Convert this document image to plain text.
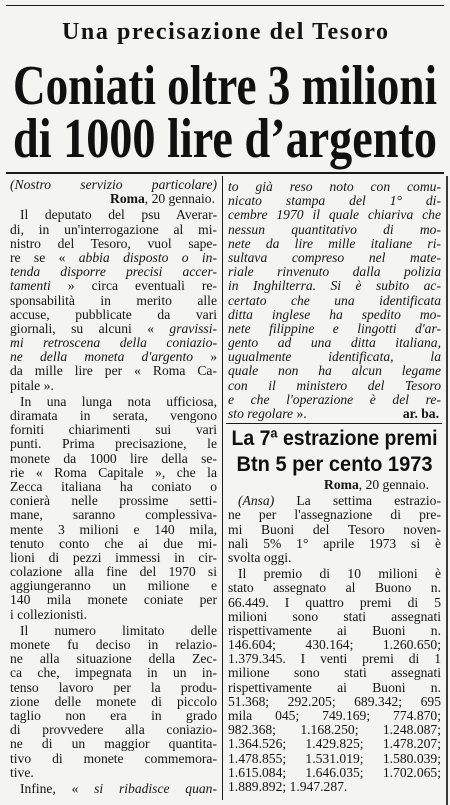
Una precisazione del Tesoro
Coniati oltre 3 milioni
di 1000 lire d’argento
(Nostro servizio particolare)
Roma, 20 gennaio.
Il deputato del psu Averar-
di, in un'interrogazione al mi-
nistro del Tesoro, vuol sape-
re se « abbia disposto o in-
tenda disporre precisi accer-
tamenti » circa eventuali re-
sponsabilità in merito alle
accuse, pubblicate da vari
giornali, su alcuni « gravissi-
mi retroscena della coniazio-
ne della moneta d'argento »
da mille lire per « Roma Ca-
pitale ».
In una lunga nota ufficiosa,
diramata in serata, vengono
forniti chiarimenti sui vari
punti. Prima precisazione, le
monete da 1000 lire della se-
rie « Roma Capitale », che la
Zecca italiana ha coniato o
conierà nelle prossime setti-
mane, saranno complessiva-
mente 3 milioni e 140 mila,
tenuto conto che ai due mi-
lioni di pezzi immessi in cir-
colazione alla fine del 1970 si
aggiungeranno un milione e
140 mila monete coniate per
i collezionisti.
Il numero limitato delle
monete fu deciso in relazio-
ne alla situazione della Zec-
ca che, impegnata in un in-
tenso lavoro per la produ-
zione delle monete di piccolo
taglio non era in grado
di provvedere alla coniazio-
ne di un maggior quantita-
tivo di monete commemora-
tive.
Infine, « si ribadisce quan-
to già reso noto con comu-
nicato stampa del 1° di-
cembre 1970 il quale chiariva che
nessun quantitativo di mo-
nete da lire mille italiane ri-
sultava compreso nel mate-
riale rinvenuto dalla polizia
in Inghilterra. Si è subito ac-
certato che una identificata
ditta inglese ha spedito mo-
nete filippine e lingotti d'ar-
gento ad una ditta italiana,
ugualmente identificata, la
quale non ha alcun legame
con il ministero del Tesoro
e che l'operazione è del re-
sto regolare ».	ar. ba.
La 7ª estrazione premi
Btn 5 per cento 1973
Roma, 20 gennaio.
(Ansa) La settima estrazio-
ne per l'assegnazione di pre-
mi Buoni del Tesoro noven-
nali 5% 1° aprile 1973 si è
svolta oggi.
Il premio di 10 milioni è
stato assegnato al Buono n.
66.449. I quattro premi di 5
milioni sono stati assegnati
rispettivamente ai Buoni n.
146.604; 430.164; 1.260.650;
1.379.345. I venti premi di 1
milione sono stati assegnati
rispettivamente ai Buoni n.
51.368; 292.205; 689.342; 695
mila 045; 749.169; 774.870;
982.368; 1.168.250; 1.248.087;
1.364.526; 1.429.825; 1.478.207;
1.478.855; 1.531.019; 1.580.039;
1.615.084; 1.646.035; 1.702.065;
1.889.892; 1.947.287.
